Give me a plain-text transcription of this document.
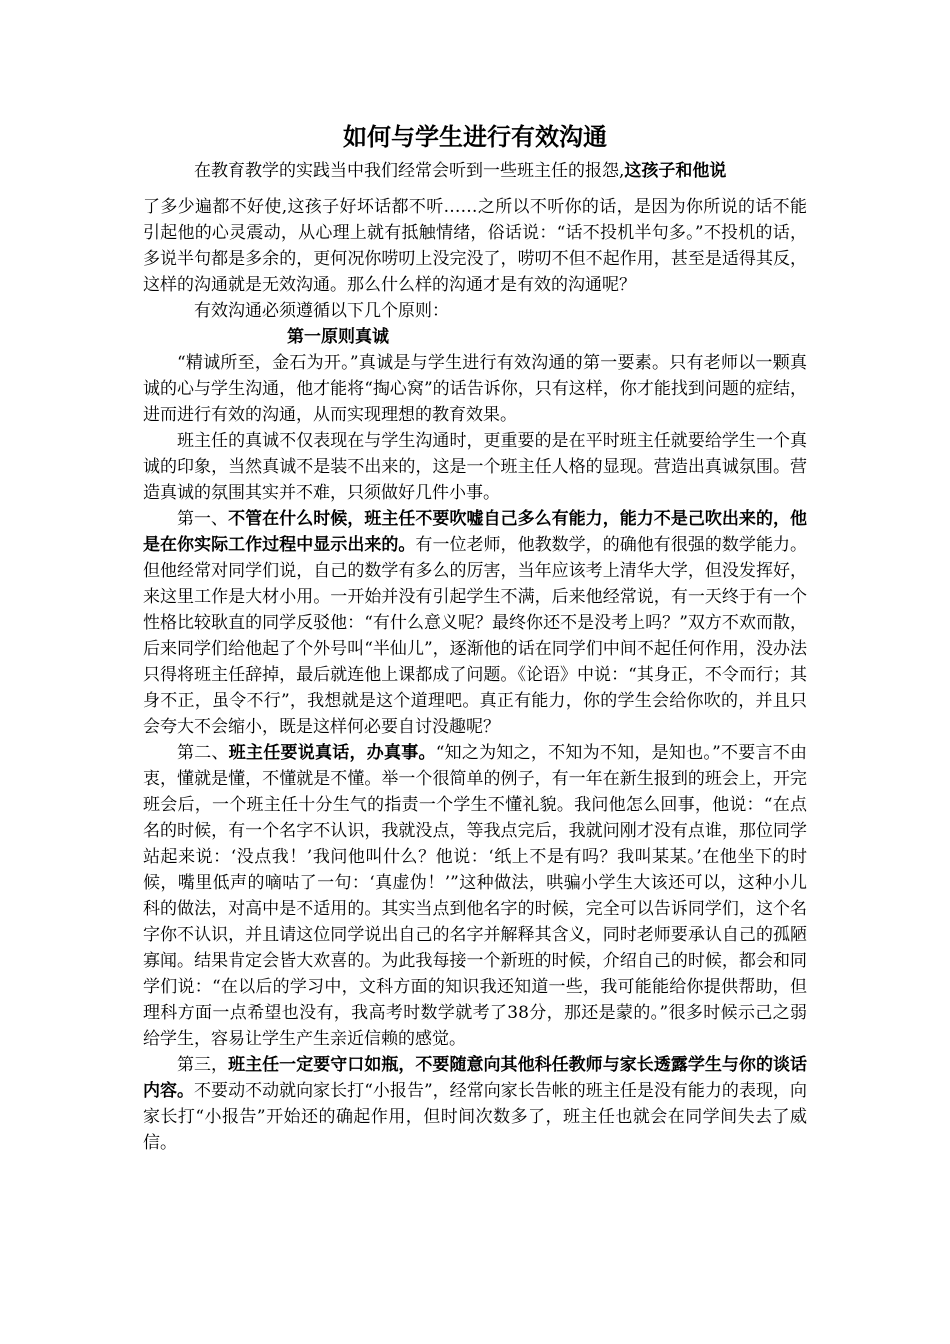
如何与学生进行有效沟通

在教育教学的实践当中我们经常会听到一些班主任的报怨,这孩子和他说

了多少遍都不好使,这孩子好坏话都不听……之所以不听你的话，是因为你所说的话不能引起他的心灵震动，从心理上就有抵触情绪，俗话说：“话不投机半句多。”不投机的话，多说半句都是多余的，更何况你唠叨上没完没了，唠叨不但不起作用，甚至是适得其反，这样的沟通就是无效沟通。那么什么样的沟通才是有效的沟通呢？

有效沟通必须遵循以下几个原则：

第一原则真诚

“精诚所至，金石为开。”真诚是与学生进行有效沟通的第一要素。只有老师以一颗真诚的心与学生沟通，他才能将“掏心窝”的话告诉你，只有这样，你才能找到问题的症结，进而进行有效的沟通，从而实现理想的教育效果。

班主任的真诚不仅表现在与学生沟通时，更重要的是在平时班主任就要给学生一个真诚的印象，当然真诚不是装不出来的，这是一个班主任人格的显现。营造出真诚氛围。营造真诚的氛围其实并不难，只须做好几件小事。

第一、不管在什么时候，班主任不要吹嘘自己多么有能力，能力不是己吹出来的，他是在你实际工作过程中显示出来的。有一位老师，他教数学，的确他有很强的数学能力。但他经常对同学们说，自己的数学有多么的厉害，当年应该考上清华大学，但没发挥好，来这里工作是大材小用。一开始并没有引起学生不满，后来他经常说，有一天终于有一个性格比较耿直的同学反驳他：“有什么意义呢？最终你还不是没考上吗？”双方不欢而散，后来同学们给他起了个外号叫“半仙儿”，逐渐他的话在同学们中间不起任何作用，没办法只得将班主任辞掉，最后就连他上课都成了问题。《论语》中说：“其身正，不令而行；其身不正，虽令不行”，我想就是这个道理吧。真正有能力，你的学生会给你吹的，并且只会夸大不会缩小，既是这样何必要自讨没趣呢？

第二、班主任要说真话，办真事。“知之为知之，不知为不知，是知也。”不要言不由衷，懂就是懂，不懂就是不懂。举一个很简单的例子，有一年在新生报到的班会上，开完班会后，一个班主任十分生气的指责一个学生不懂礼貌。我问他怎么回事，他说：“在点名的时候，有一个名字不认识，我就没点，等我点完后，我就问刚才没有点谁，那位同学站起来说：‘没点我！’我问他叫什么？他说：‘纸上不是有吗？我叫某某。’在他坐下的时候，嘴里低声的嘀咕了一句：‘真虚伪！’”这种做法，哄骗小学生大该还可以，这种小儿科的做法，对高中是不适用的。其实当点到他名字的时候，完全可以告诉同学们，这个名字你不认识，并且请这位同学说出自己的名字并解释其含义，同时老师要承认自己的孤陋寡闻。结果肯定会皆大欢喜的。为此我每接一个新班的时候，介绍自己的时候，都会和同学们说：“在以后的学习中，文科方面的知识我还知道一些，我可能能给你提供帮助，但理科方面一点希望也没有，我高考时数学就考了38分，那还是蒙的。”很多时候示己之弱给学生，容易让学生产生亲近信赖的感觉。

第三，班主任一定要守口如瓶，不要随意向其他科任教师与家长透露学生与你的谈话内容。不要动不动就向家长打“小报告”，经常向家长告帐的班主任是没有能力的表现，向家长打“小报告”开始还的确起作用，但时间次数多了，班主任也就会在同学间失去了威信。
